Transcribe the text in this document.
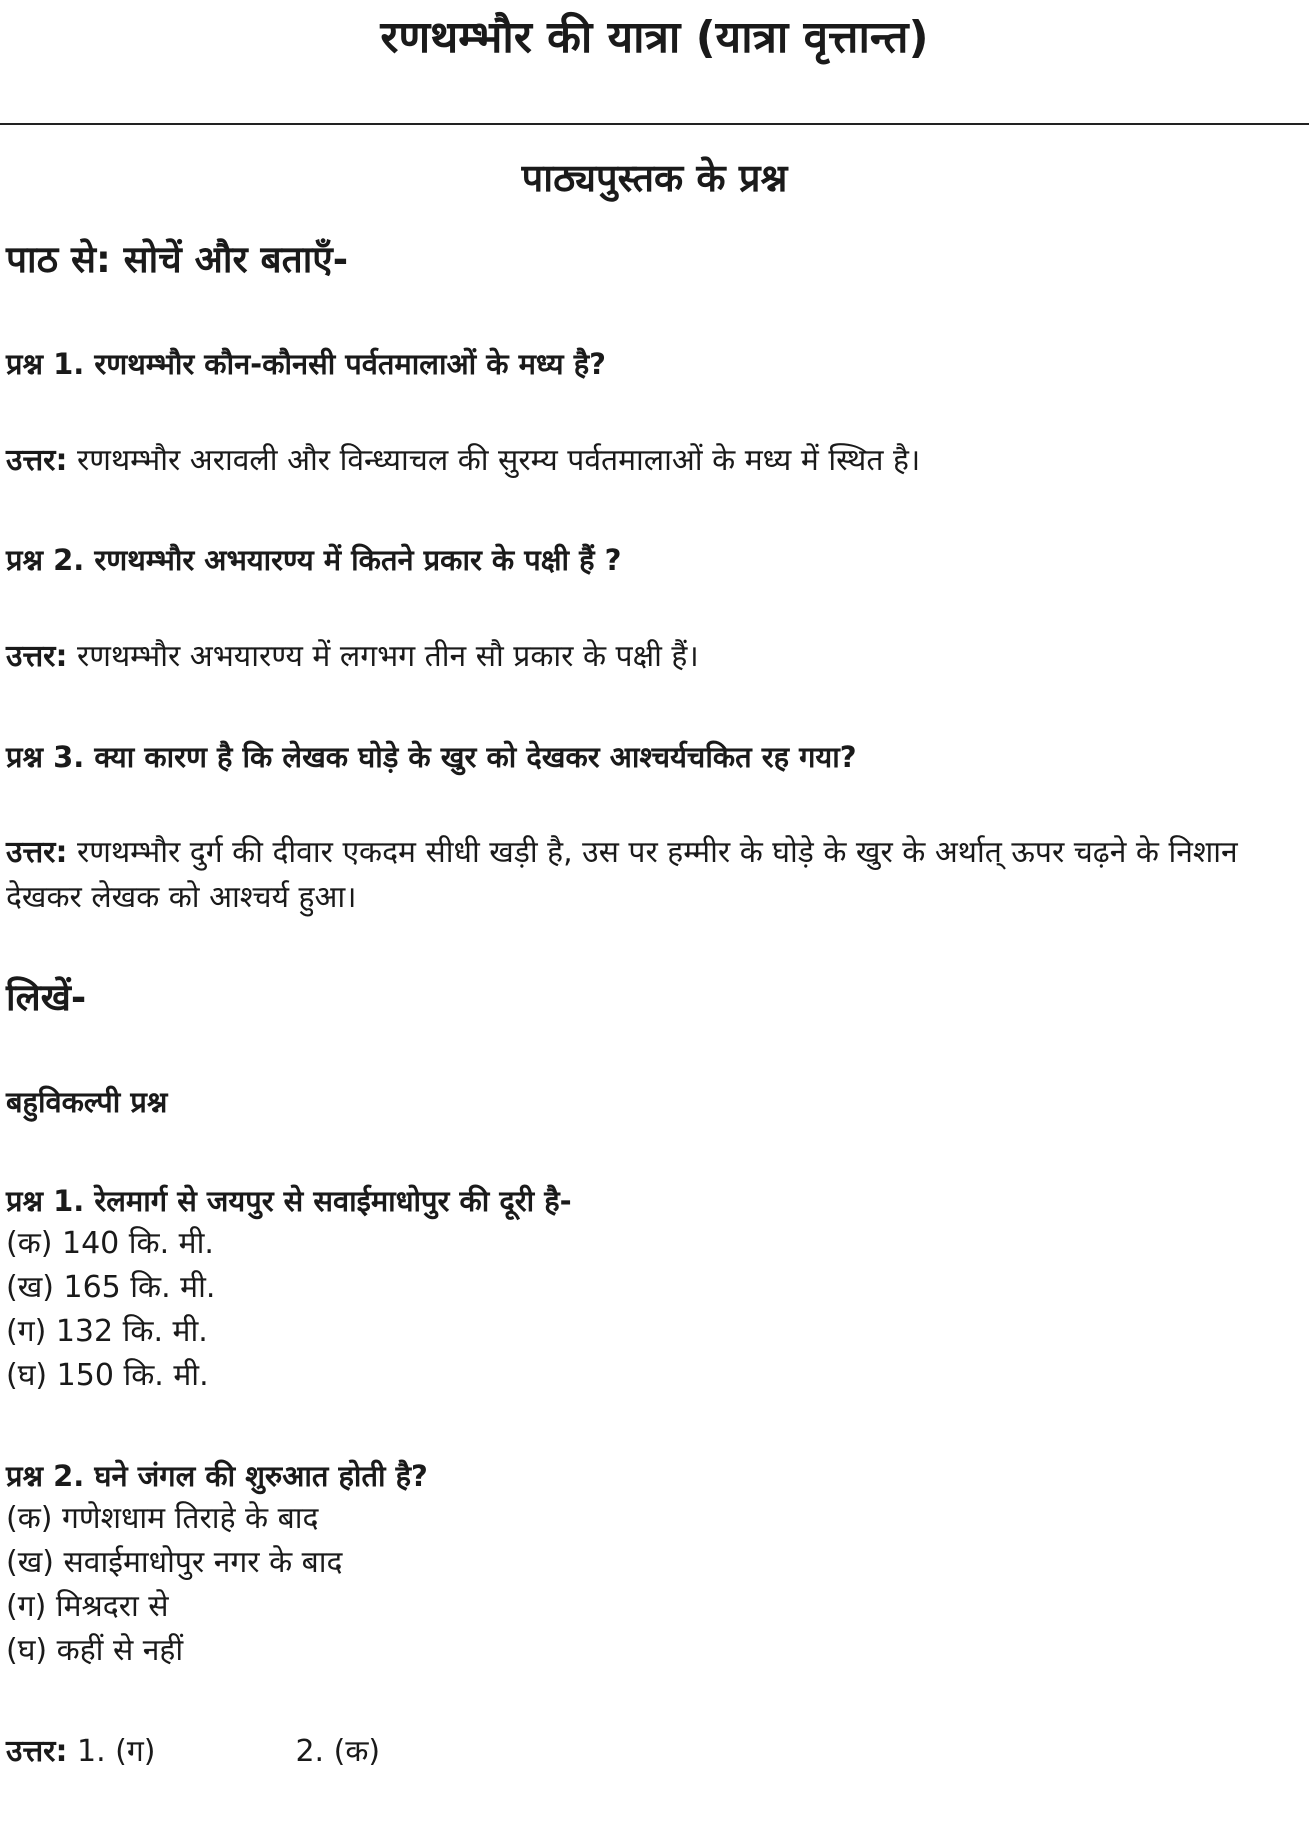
रणथम्भौर की यात्रा (यात्रा वृत्तान्त)
पाठ्यपुस्तक के प्रश्न
पाठ से: सोचें और बताएँ-
प्रश्न 1. रणथम्भौर कौन-कौनसी पर्वतमालाओं के मध्य है?
उत्तर: रणथम्भौर अरावली और विन्ध्याचल की सुरम्य पर्वतमालाओं के मध्य में स्थित है।
प्रश्न 2. रणथम्भौर अभयारण्य में कितने प्रकार के पक्षी हैं ?
उत्तर: रणथम्भौर अभयारण्य में लगभग तीन सौ प्रकार के पक्षी हैं।
प्रश्न 3. क्या कारण है कि लेखक घोड़े के खुर को देखकर आश्चर्यचकित रह गया?
उत्तर: रणथम्भौर दुर्ग की दीवार एकदम सीधी खड़ी है, उस पर हम्मीर के घोड़े के खुर के अर्थात् ऊपर चढ़ने के निशान देखकर लेखक को आश्चर्य हुआ।
लिखें-
बहुविकल्पी प्रश्न
प्रश्न 1. रेलमार्ग से जयपुर से सवाईमाधोपुर की दूरी है-
(क) 140 कि. मी.
(ख) 165 कि. मी.
(ग) 132 कि. मी.
(घ) 150 कि. मी.
प्रश्न 2. घने जंगल की शुरुआत होती है?
(क) गणेशधाम तिराहे के बाद
(ख) सवाईमाधोपुर नगर के बाद
(ग) मिश्रदरा से
(घ) कहीं से नहीं
उत्तर: 1. (ग)	2. (क)
